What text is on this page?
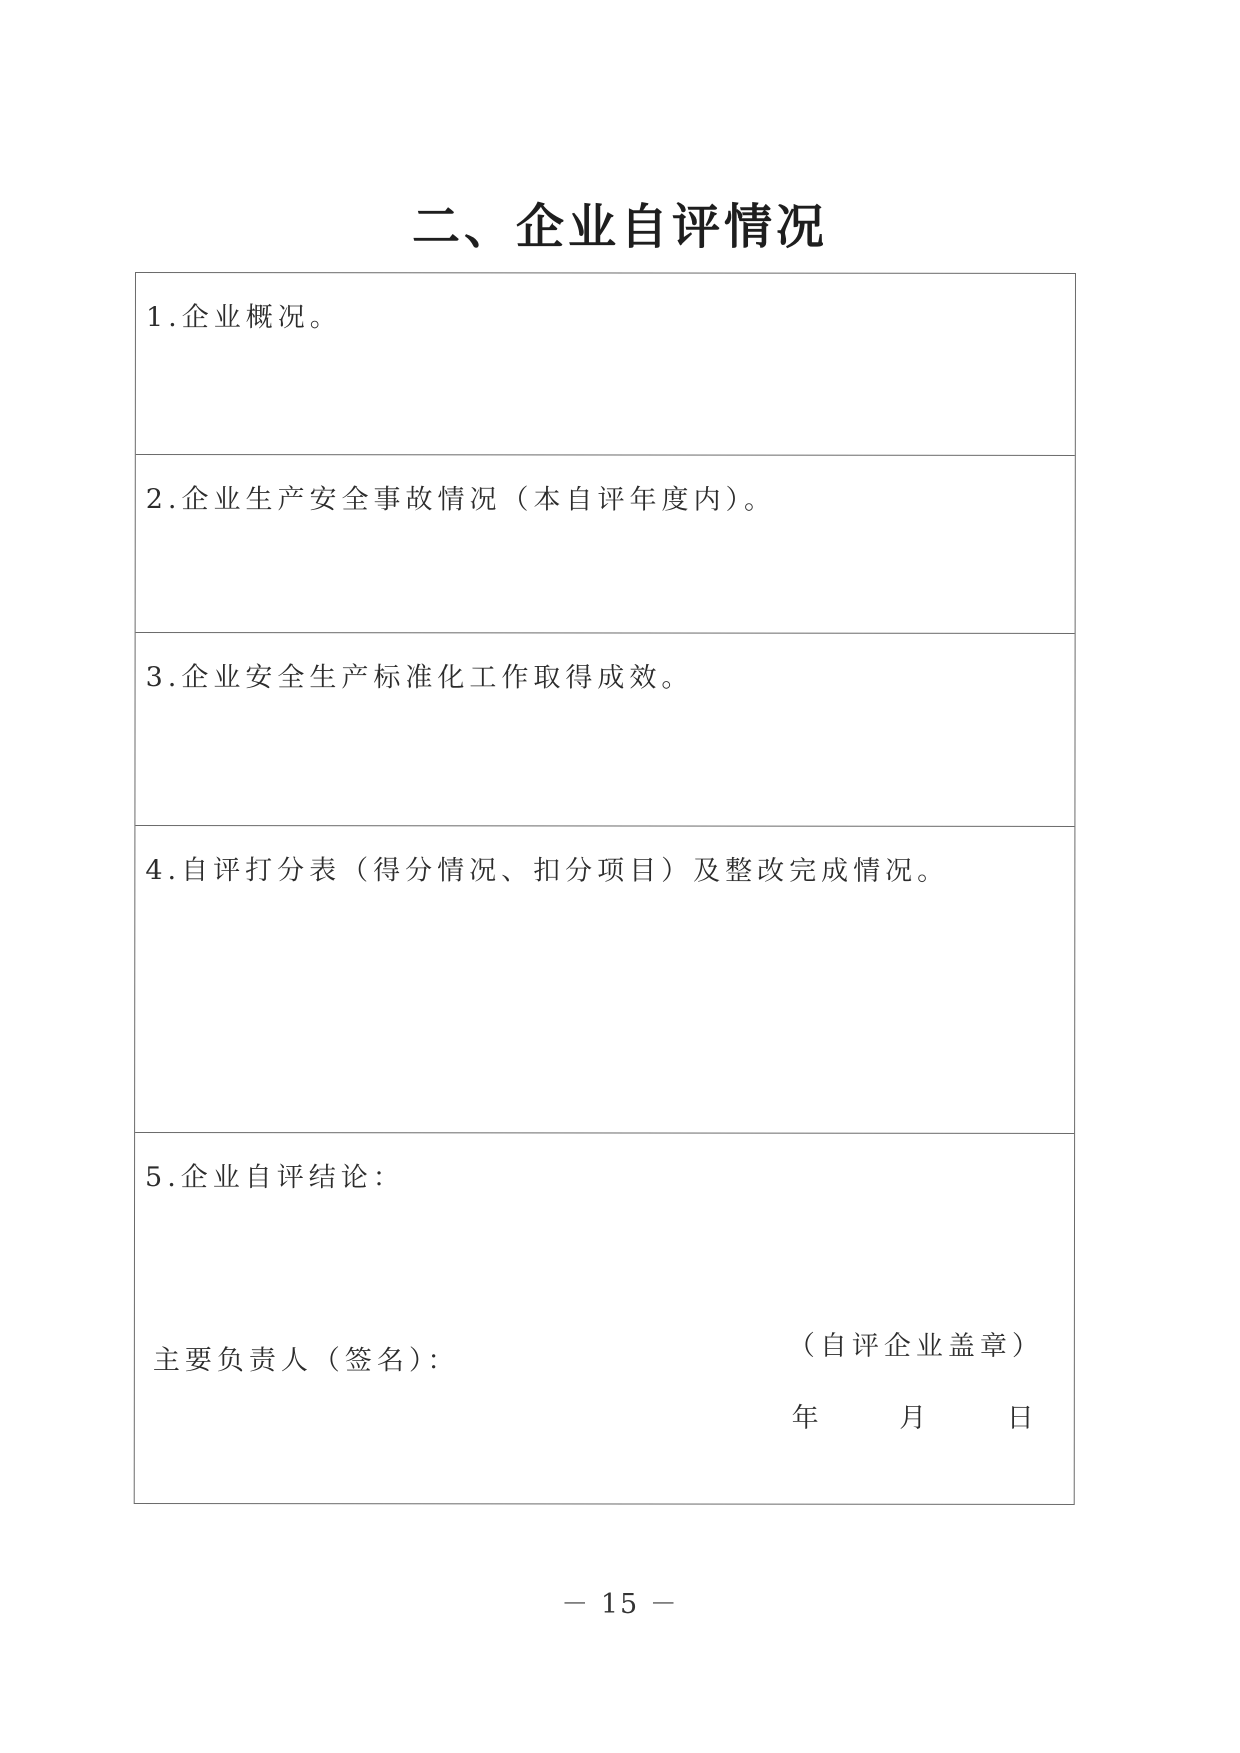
二、企业自评情况
1.企业概况。
2.企业生产安全事故情况（本自评年度内）。
3.企业安全生产标准化工作取得成效。
4.自评打分表（得分情况、扣分项目）及整改完成情况。
5.企业自评结论：
主要负责人（签名）：	（自评企业盖章）
年	月	日
－ 15 －
